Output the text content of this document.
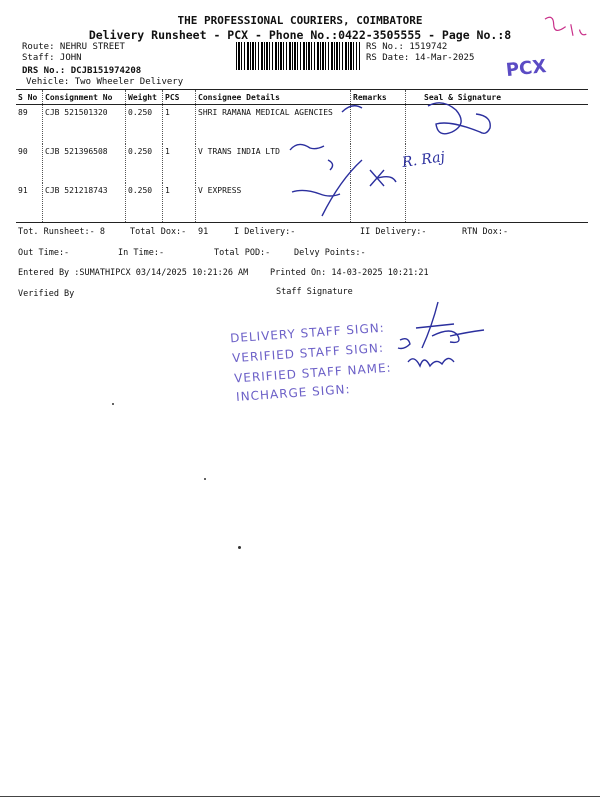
THE PROFESSIONAL COURIERS, COIMBATORE
Delivery Runsheet - PCX - Phone No.:0422-3505555 - Page No.:8
Route: NEHRU STREET
Staff: JOHN
DRS No.: DCJB151974208
Vehicle: Two Wheeler Delivery
RS No.: 1519742
RS Date: 14-Mar-2025 PCX
S No	Consignment No	Weight	PCS	Consignee Details	Remarks	Seal & Signature
89	CJB 521501320	0.250	1	SHRI RAMANA MEDICAL AGENCIES		
90	CJB 521396508	0.250	1	V TRANS INDIA LTD		
91	CJB 521218743	0.250	1	V EXPRESS		
R. Raj
Tot. Runsheet:- 8	Total Dox:- 91	I Delivery:-	II Delivery:-	RTN Dox:-
Out Time:-	In Time:-	Total POD:-	Delvy Points:-
Entered By :SUMATHIPCX 03/14/2025 10:21:26 AM	Printed On: 14-03-2025 10:21:21
Verified By	Staff Signature
DELIVERY STAFF SIGN:
VERIFIED STAFF SIGN:
VERIFIED STAFF NAME:
INCHARGE SIGN:
